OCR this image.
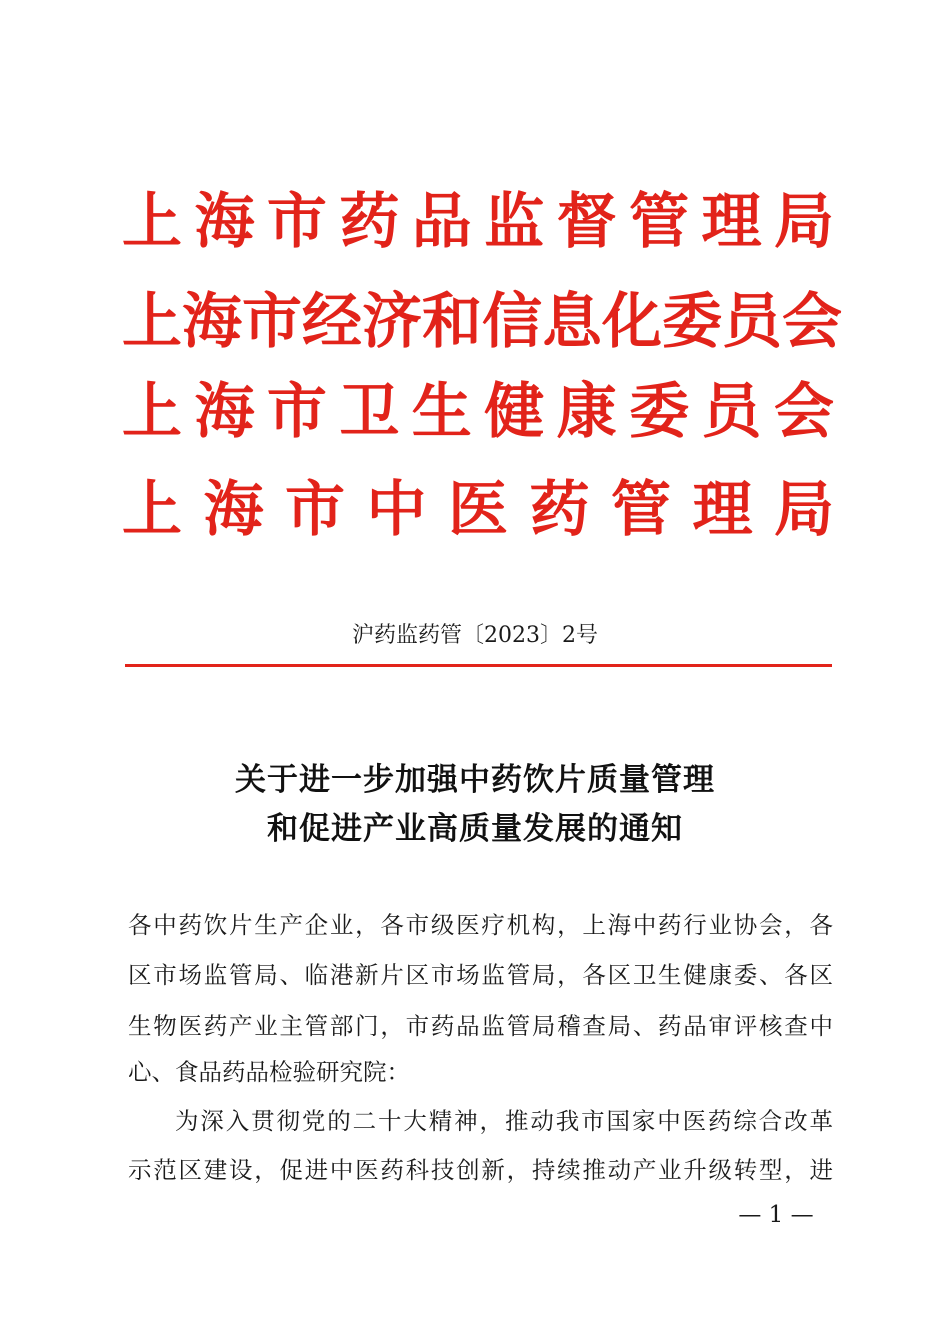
上 海 市 药 品 监 督 管 理 局
上 海 市 经 济 和 信 息 化 委 员 会
上 海 市 卫 生 健 康 委 员 会
上 海 市 中 医 药 管 理 局
沪药监药管〔2023〕2号
关于进一步加强中药饮片质量管理
和促进产业高质量发展的通知
各中药饮片生产企业，各市级医疗机构，上海中药行业协会，各
区市场监管局、临港新片区市场监管局，各区卫生健康委、各区
生物医药产业主管部门，市药品监管局稽查局、药品审评核查中
心、食品药品检验研究院：
为深入贯彻党的二十大精神，推动我市国家中医药综合改革
示范区建设，促进中医药科技创新，持续推动产业升级转型，进
— 1 —
